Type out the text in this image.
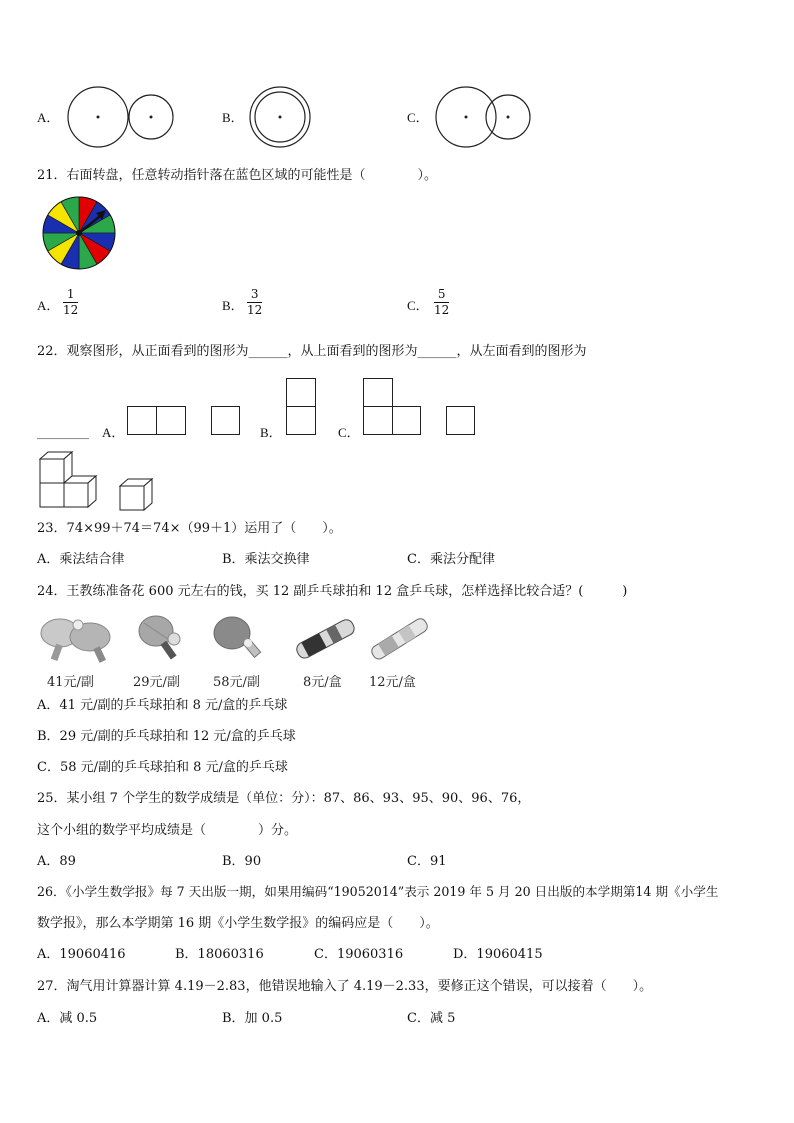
A．	B．	C．
21．右面转盘，任意转动指针落在蓝色区域的可能性是（　　　　）。
A． $\frac{1}{12}$	B． $\frac{3}{12}$	C． $\frac{5}{12}$
22．观察图形，从正面看到的图形为______，从上面看到的图形为______，从左面看到的图形为
________ A．	B．	C．
23．74×99＋74＝74×（99＋1）运用了（　　）。
A．乘法结合律	B．乘法交换律	C．乘法分配律
24．王教练准备花 600 元左右的钱，买 12 副乒乓球拍和 12 盒乒乓球，怎样选择比较合适？(　　　)
41元/副	29元/副	58元/副	8元/盒 12元/盒
A．41 元/副的乒乓球拍和 8 元/盒的乒乓球
B．29 元/副的乒乓球拍和 12 元/盒的乒乓球
C．58 元/副的乒乓球拍和 8 元/盒的乒乓球
25．某小组 7 个学生的数学成绩是（单位：分）：87、86、93、95、90、96、76，
这个小组的数学平均成绩是（　　　　）分。
A．89	B．90	C．91
26．《小学生数学报》每 7 天出版一期，如果用编码“19052014”表示 2019 年 5 月 20 日出版的本学期第14 期《小学生
数学报》，那么本学期第 16 期《小学生数学报》的编码应是（　　）。
A．19060416	B．18060316	C．19060316	D．19060415
27．淘气用计算器计算 4.19－2.83，他错误地输入了 4.19－2.33，要修正这个错误，可以接着（　　）。
A．减 0.5	B．加 0.5	C．减 5
